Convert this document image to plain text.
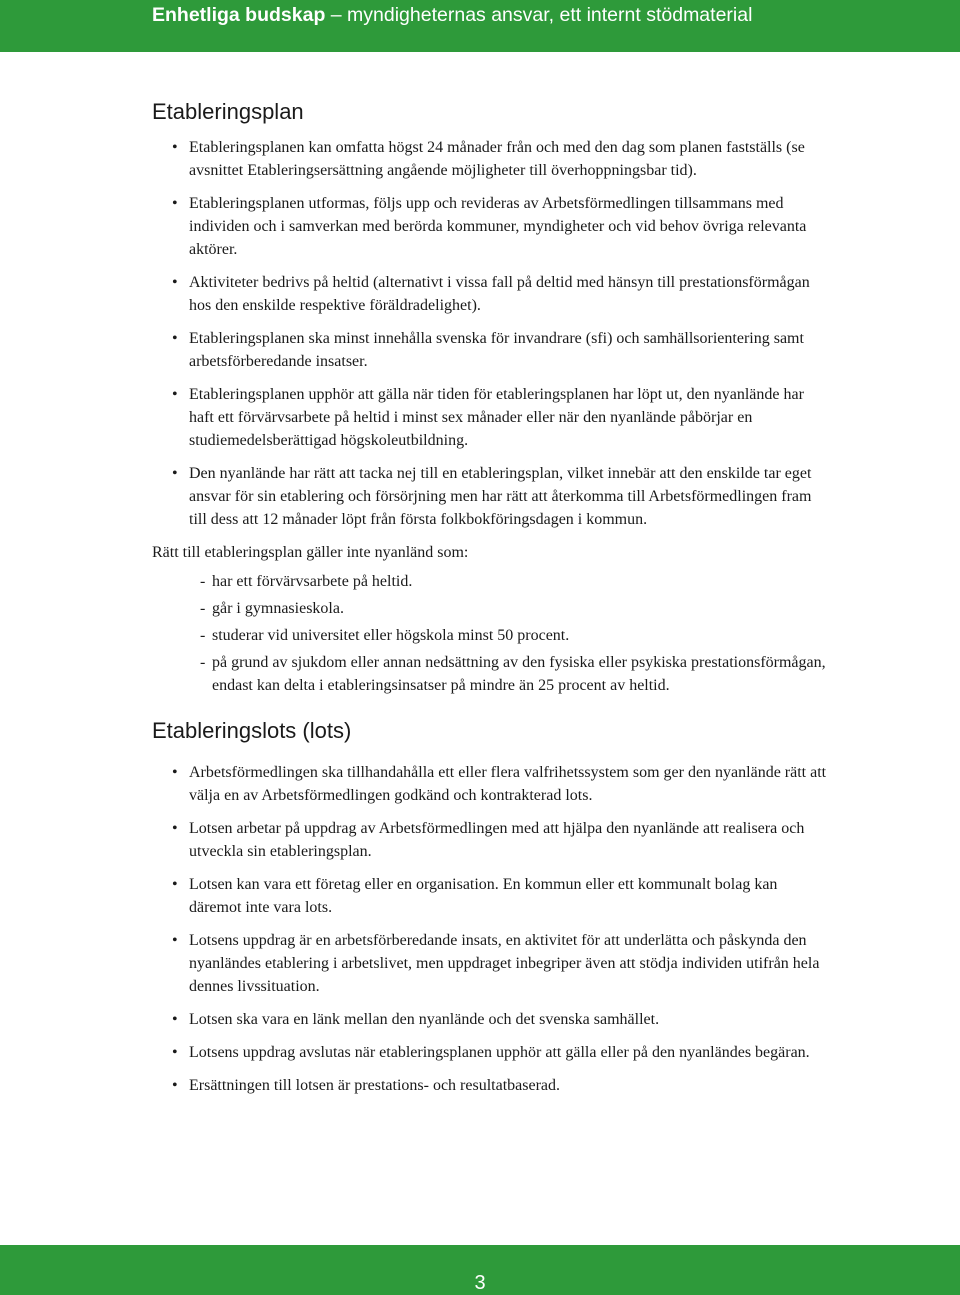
Enhetliga budskap – myndigheternas ansvar, ett internt stödmaterial
Etableringsplan
• Etableringsplanen kan omfatta högst 24 månader från och med den dag som planen fastställs (se avsnittet Etableringsersättning angående möjligheter till överhoppningsbar tid).
• Etableringsplanen utformas, följs upp och revideras av Arbetsförmedlingen tillsammans med individen och i samverkan med berörda kommuner, myndigheter och vid behov övriga relevanta aktörer.
• Aktiviteter bedrivs på heltid (alternativt i vissa fall på deltid med hänsyn till prestationsförmågan hos den enskilde respektive föräldradelighet).
• Etableringsplanen ska minst innehålla svenska för invandrare (sfi) och samhällsorientering samt arbetsförberedande insatser.
• Etableringsplanen upphör att gälla när tiden för etableringsplanen har löpt ut, den nyanlände har haft ett förvärvsarbete på heltid i minst sex månader eller när den nyanlände påbörjar en studiemedelsberättigad högskoleutbildning.
• Den nyanlände har rätt att tacka nej till en etableringsplan, vilket innebär att den enskilde tar eget ansvar för sin etablering och försörjning men har rätt att återkomma till Arbetsförmedlingen fram till dess att 12 månader löpt från första folkbokföringsdagen i kommun.

Rätt till etableringsplan gäller inte nyanländ som:

- har ett förvärvsarbete på heltid.
- går i gymnasieskola.
- studerar vid universitet eller högskola minst 50 procent.
- på grund av sjukdom eller annan nedsättning av den fysiska eller psykiska prestationsförmågan, endast kan delta i etableringsinsatser på mindre än 25 procent av heltid.
Etableringslots (lots)
• Arbetsförmedlingen ska tillhandahålla ett eller flera valfrihetssystem som ger den nyanlände rätt att välja en av Arbetsförmedlingen godkänd och kontrakterad lots.
• Lotsen arbetar på uppdrag av Arbetsförmedlingen med att hjälpa den nyanlände att realisera och utveckla sin etableringsplan.
• Lotsen kan vara ett företag eller en organisation. En kommun eller ett kommunalt bolag kan däremot inte vara lots.
• Lotsens uppdrag är en arbetsförberedande insats, en aktivitet för att underlätta och påskynda den nyanländes etablering i arbetslivet, men uppdraget inbegriper även att stödja individen utifrån hela dennes livssituation.
• Lotsen ska vara en länk mellan den nyanlände och det svenska samhället.
• Lotsens uppdrag avslutas när etableringsplanen upphör att gälla eller på den nyanländes begäran.
• Ersättningen till lotsen är prestations- och resultatbaserad.
3
